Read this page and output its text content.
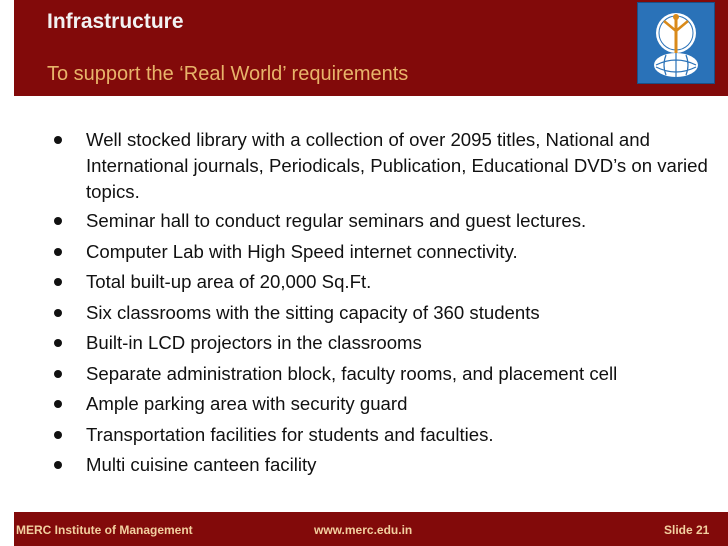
Infrastructure
To support the ‘Real World’ requirements
Well stocked library with a collection of over 2095 titles, National and International journals, Periodicals, Publication, Educational DVD’s on varied topics.
Seminar hall to conduct regular seminars and guest lectures.
Computer Lab with High Speed internet connectivity.
Total built-up area of 20,000 Sq.Ft.
Six classrooms with the sitting capacity of 360 students
Built-in LCD projectors in the classrooms
Separate administration block, faculty rooms, and placement cell
Ample parking area with security guard
Transportation facilities for students and faculties.
Multi cuisine canteen facility
MERC Institute of Management	www.merc.edu.in	Slide 21
